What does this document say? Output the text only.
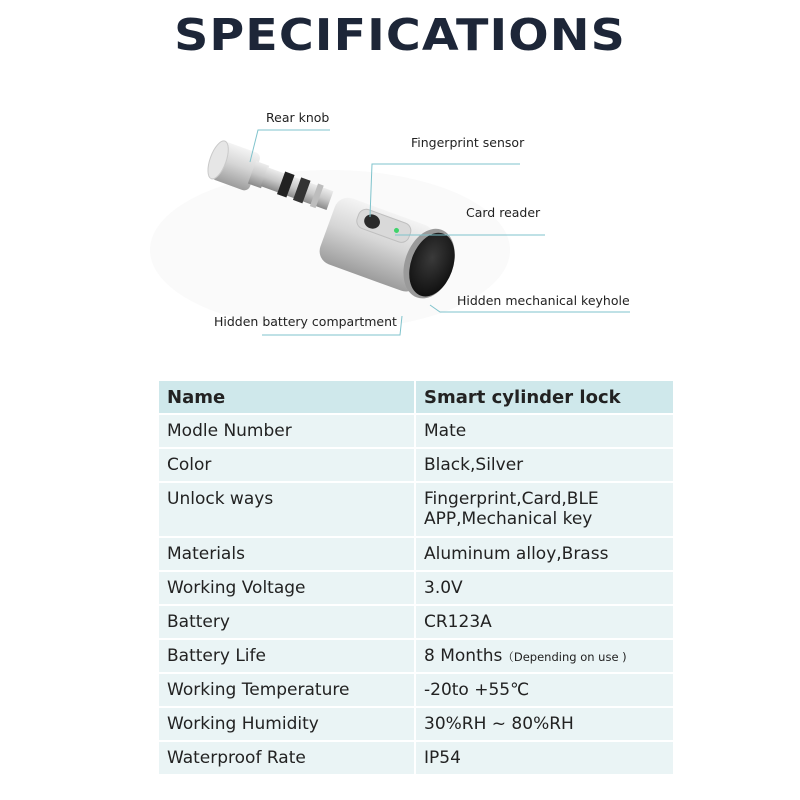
SPECIFICATIONS
Rear knob
Fingerprint sensor
Card reader
Hidden mechanical keyhole
Hidden battery compartment
Name	Smart cylinder lock
Modle Number	Mate
Color	Black,Silver
Unlock ways	Fingerprint,Card,BLE
APP,Mechanical key

Materials	Aluminum alloy,Brass
Working Voltage	3.0V
Battery	CR123A
Battery Life	8 Months（Depending on use )
Working Temperature	-20to +55℃
Working Humidity	30%RH ~ 80%RH
Waterproof Rate	IP54
